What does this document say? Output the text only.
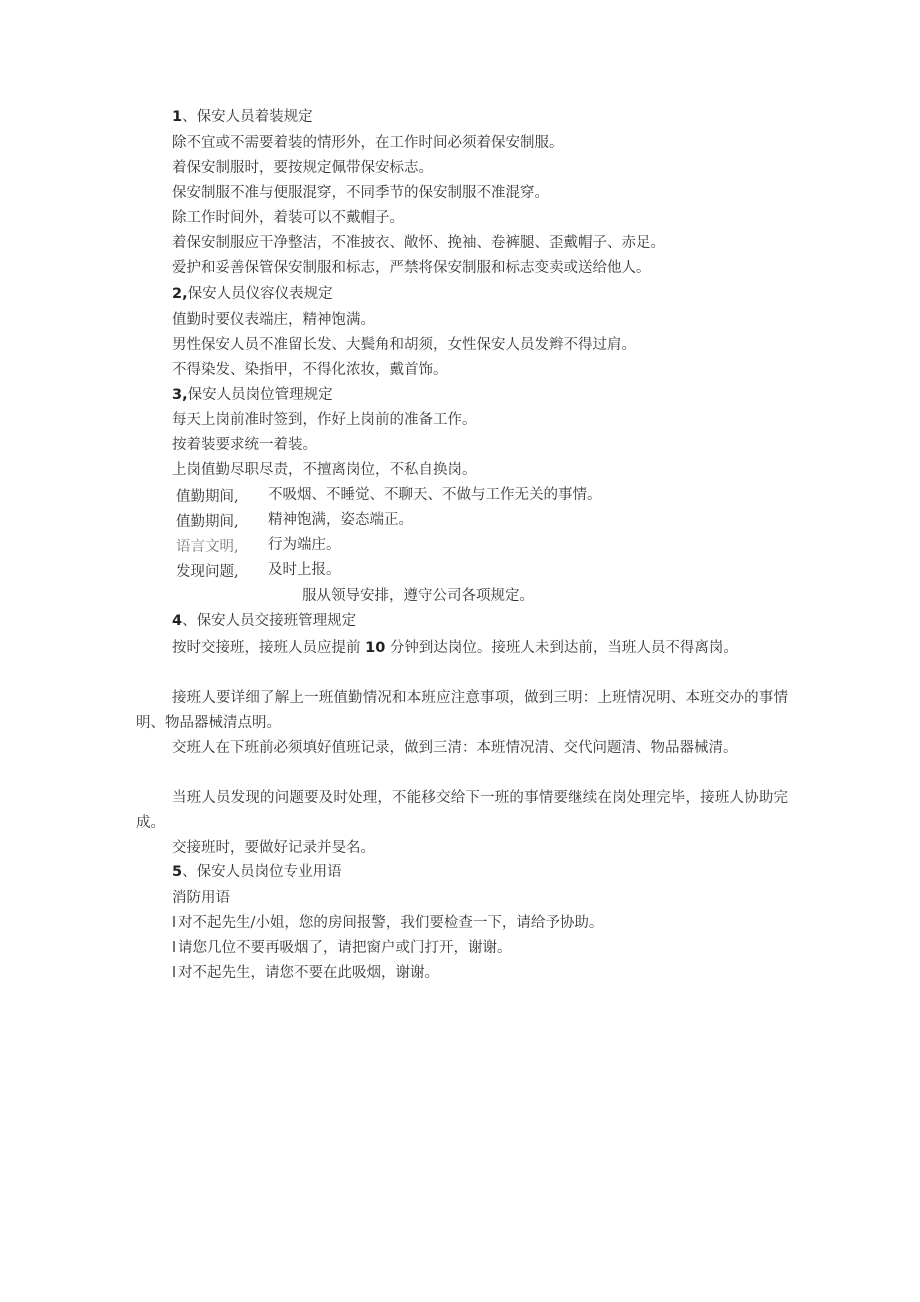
1、保安人员着装规定
除不宜或不需要着装的情形外，在工作时间必须着保安制服。
着保安制服时，要按规定佩带保安标志。
保安制服不准与便服混穿，不同季节的保安制服不准混穿。
除工作时间外，着装可以不戴帽子。
着保安制服应干净整洁，不准披衣、敞怀、挽袖、卷裤腿、歪戴帽子、赤足。
爱护和妥善保管保安制服和标志，严禁将保安制服和标志变卖或送给他人。
2,保安人员仪容仪表规定
值勤时要仪表端庄，精神饱满。
男性保安人员不准留长发、大鬓角和胡须，女性保安人员发辫不得过肩。
不得染发、染指甲，不得化浓妆，戴首饰。
3,保安人员岗位管理规定
每天上岗前准时签到，作好上岗前的准备工作。
按着装要求统一着装。
上岗值勤尽职尽责，不擅离岗位，不私自换岗。
值勤期间, 不吸烟、不睡觉、不聊天、不做与工作无关的事情。
值勤期间, 精神饱满，姿态端正。
语言文明, 行为端庄。
发现问题, 及时上报。
服从领导安排，遵守公司各项规定。
4、保安人员交接班管理规定
按时交接班，接班人员应提前 10 分钟到达岗位。接班人未到达前，当班人员不得离岗。
接班人要详细了解上一班值勤情况和本班应注意事项，做到三明：上班情况明、本班交办的事情明、物品器械清点明。
交班人在下班前必须填好值班记录，做到三清：本班情况清、交代问题清、物品器械清。
当班人员发现的问题要及时处理，不能移交给下一班的事情要继续在岗处理完毕，接班人协助完成。
交接班时，要做好记录并旻名。
5、保安人员岗位专业用语
消防用语
l 对不起先生/小姐，您的房间报警，我们要检查一下，请给予协助。
l 请您几位不要再吸烟了，请把窗户或门打开，谢谢。
l 对不起先生，请您不要在此吸烟，谢谢。
